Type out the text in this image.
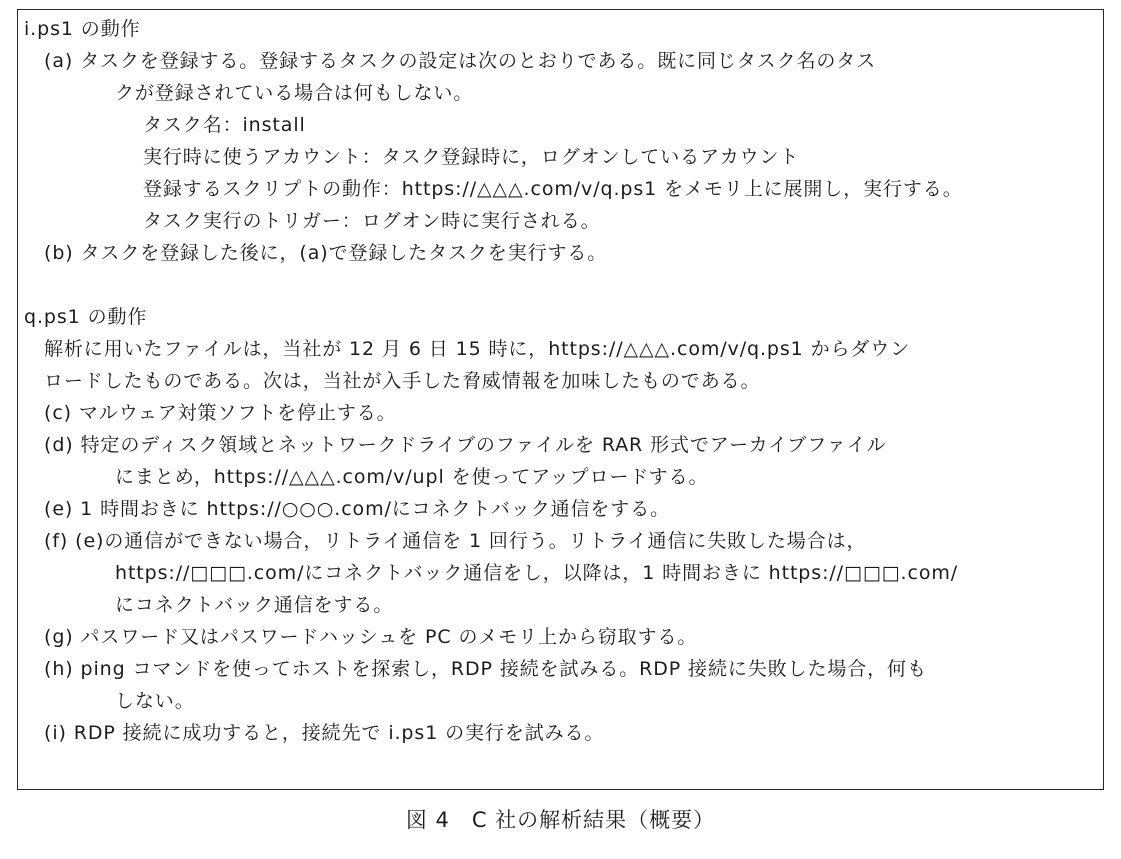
i.ps1 の動作
(a) タスクを登録する。登録するタスクの設定は次のとおりである。既に同じタスク名のタス
クが登録されている場合は何もしない。
タスク名：install
実行時に使うアカウント：タスク登録時に，ログオンしているアカウント
登録するスクリプトの動作：https://△△△.com/v/q.ps1 をメモリ上に展開し，実行する。
タスク実行のトリガー：ログオン時に実行される。
(b) タスクを登録した後に，(a)で登録したタスクを実行する。
q.ps1 の動作
解析に用いたファイルは，当社が 12 月 6 日 15 時に，https://△△△.com/v/q.ps1 からダウン
ロードしたものである。次は，当社が入手した脅威情報を加味したものである。
(c) マルウェア対策ソフトを停止する。
(d) 特定のディスク領域とネットワークドライブのファイルを RAR 形式でアーカイブファイル
にまとめ，https://△△△.com/v/upl を使ってアップロードする。
(e) 1 時間おきに https://○○○.com/にコネクトバック通信をする。
(f) (e)の通信ができない場合，リトライ通信を 1 回行う。リトライ通信に失敗した場合は，
https://□□□.com/にコネクトバック通信をし，以降は，1 時間おきに https://□□□.com/
にコネクトバック通信をする。
(g) パスワード又はパスワードハッシュを PC のメモリ上から窃取する。
(h) ping コマンドを使ってホストを探索し，RDP 接続を試みる。RDP 接続に失敗した場合，何も
しない。
(i) RDP 接続に成功すると，接続先で i.ps1 の実行を試みる。
図 4　C 社の解析結果（概要）
